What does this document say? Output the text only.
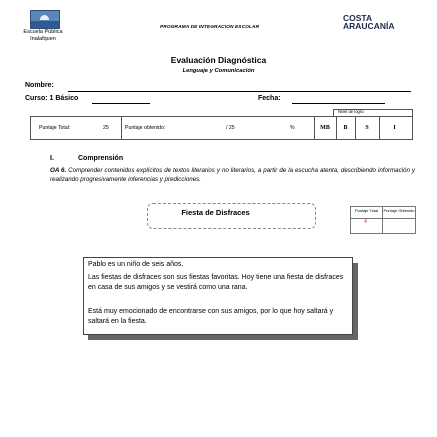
Escuela Pública
Inalafquen
PROGRAMA DE INTEGRACION ESCOLAR
COSTA
ARAUCANÍA
Evaluación Diagnóstica
Lenguaje y Comunicación
Nombre:
Curso: 1 Básico	Fecha:
Nivel de logro
Puntaje Total:	25	Puntaje obtenido:	/ 25	%	MB	B	S	I
I.	Comprensión
OA 6. Comprender contenidos explícitos de textos literarios y no literarios, a partir de la escucha atenta, describiendo información y realizando progresivamente inferencias y predicciones.
Fiesta de Disfraces	Puntaje Total	Puntaje Obtenido
4
Pablo es un niño de seis años.
Las fiestas de disfraces son sus fiestas favoritas. Hoy tiene una fiesta de disfraces en casa de sus amigos y se vestirá como una rana.
Está muy emocionado de encontrarse con sus amigos, por lo que hoy saltará y saltará en la fiesta.
